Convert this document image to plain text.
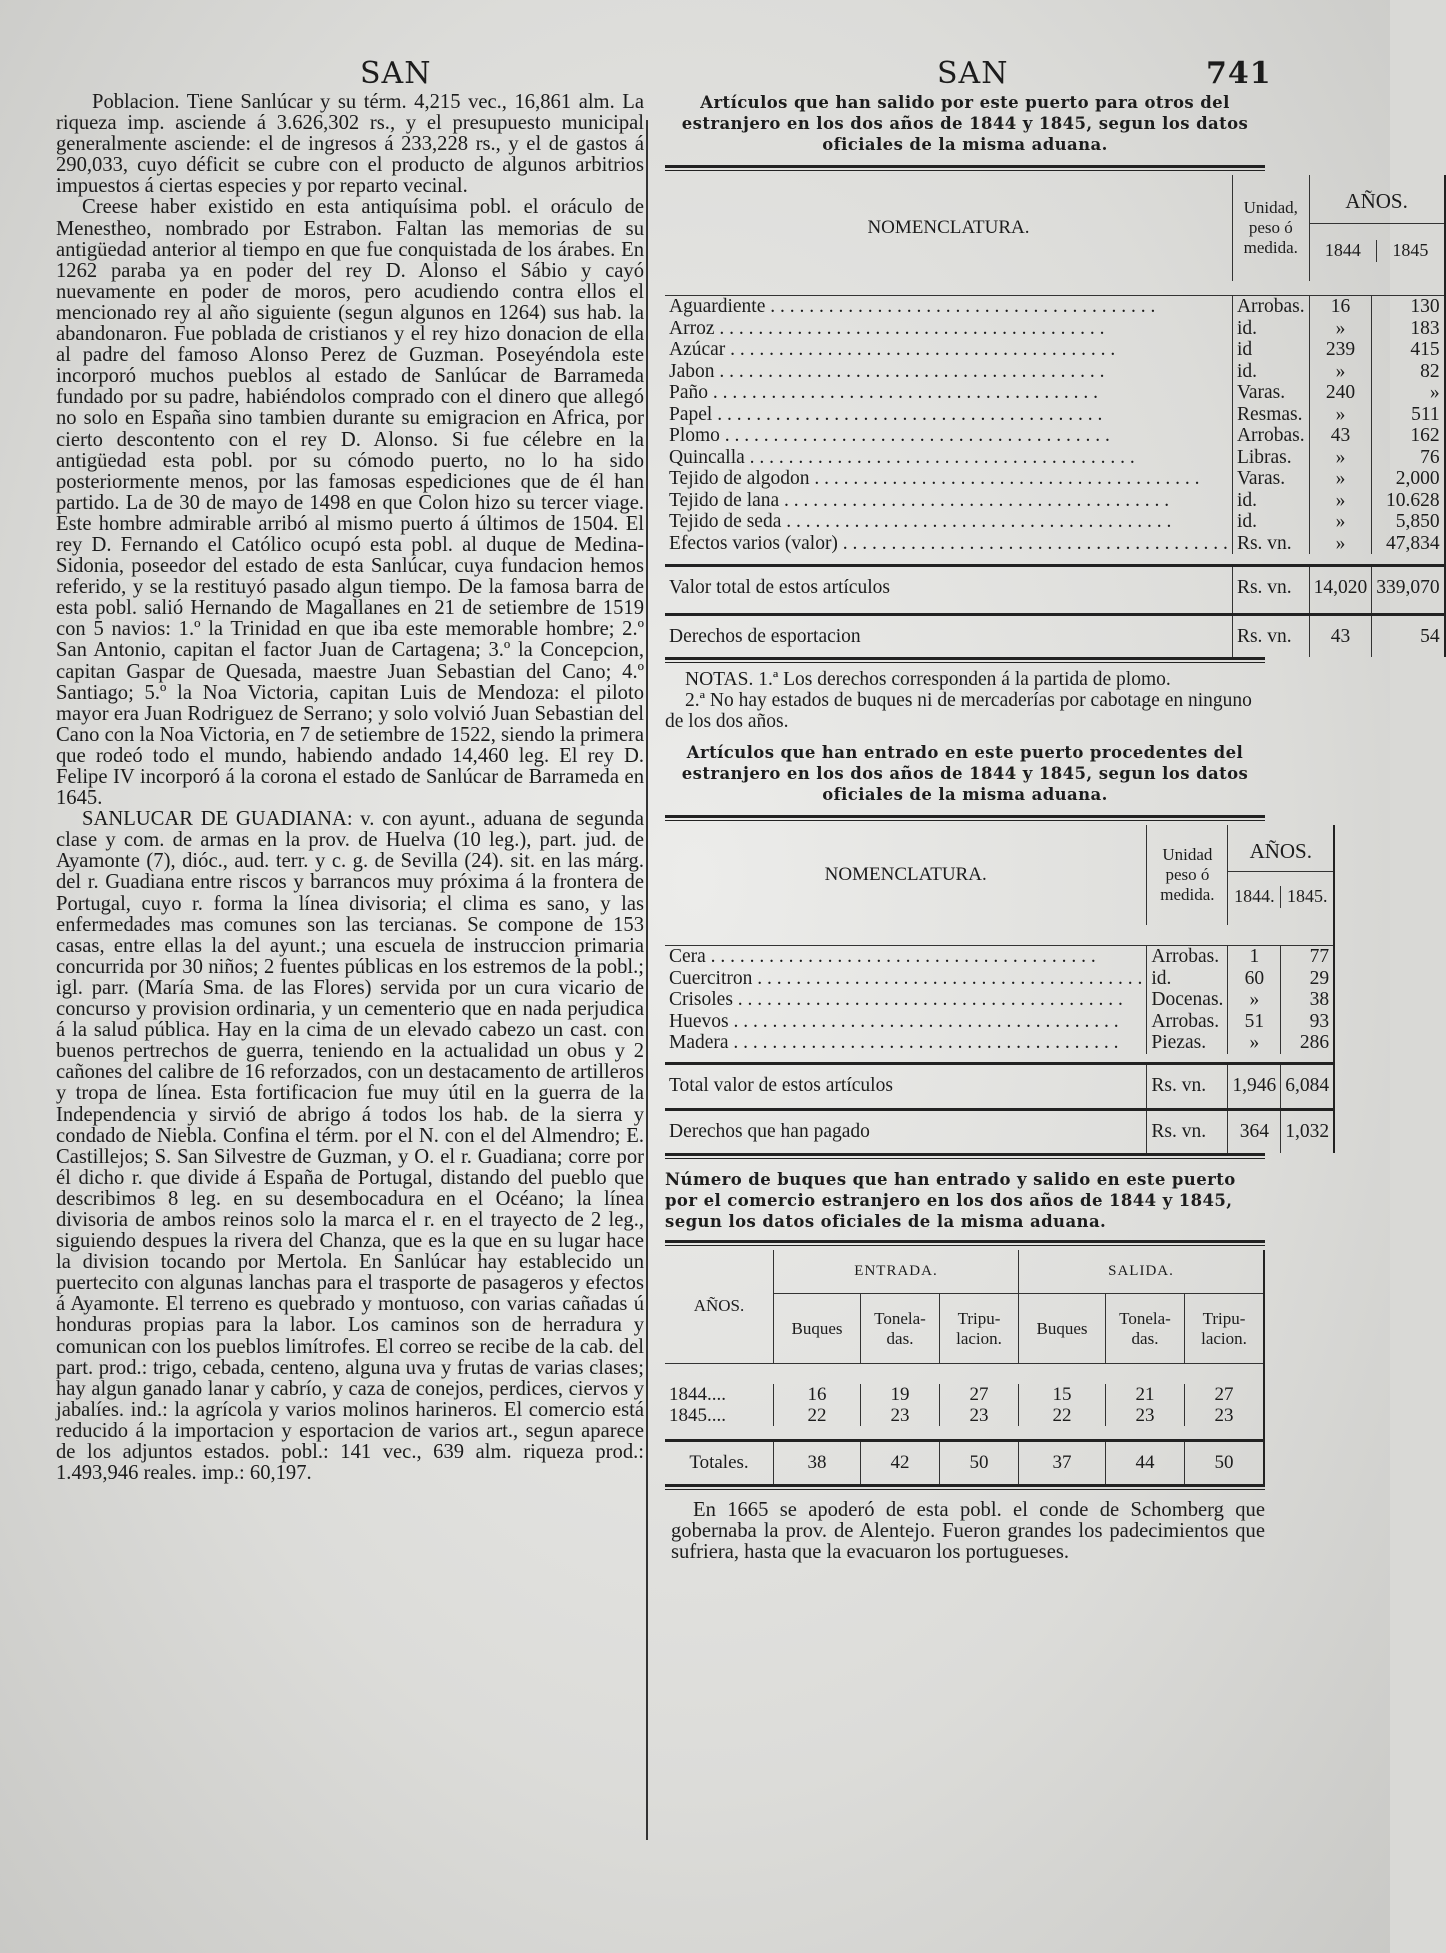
SAN	SAN	741

Poblacion. Tiene Sanlúcar y su térm. 4,215 vec., 16,861 alm. La riqueza imp. asciende á 3.626,302 rs., y el presupuesto municipal generalmente asciende: el de ingresos á 233,228 rs., y el de gastos á 290,033, cuyo déficit se cubre con el producto de algunos arbitrios impuestos á ciertas especies y por reparto vecinal.

Creese haber existido en esta antiquísima pobl. el oráculo de Menestheo, nombrado por Estrabon. Faltan las memorias de su antigüedad anterior al tiempo en que fue conquistada de los árabes. En 1262 paraba ya en poder del rey D. Alonso el Sábio y cayó nuevamente en poder de moros, pero acudiendo contra ellos el mencionado rey al año siguiente (segun algunos en 1264) sus hab. la abandonaron. Fue poblada de cristianos y el rey hizo donacion de ella al padre del famoso Alonso Perez de Guzman. Poseyéndola este incorporó muchos pueblos al estado de Sanlúcar de Barrameda fundado por su padre, habiéndolos comprado con el dinero que allegó no solo en España sino tambien durante su emigracion en Africa, por cierto descontento con el rey D. Alonso. Si fue célebre en la antigüedad esta pobl. por su cómodo puerto, no lo ha sido posteriormente menos, por las famosas espediciones que de él han partido. La de 30 de mayo de 1498 en que Colon hizo su tercer viage. Este hombre admirable arribó al mismo puerto á últimos de 1504. El rey D. Fernando el Católico ocupó esta pobl. al duque de Medina-Sidonia, poseedor del estado de esta Sanlúcar, cuya fundacion hemos referido, y se la restituyó pasado algun tiempo. De la famosa barra de esta pobl. salió Hernando de Magallanes en 21 de setiembre de 1519 con 5 navios: 1.º la Trinidad en que iba este memorable hombre; 2.º San Antonio, capitan el factor Juan de Cartagena; 3.º la Concepcion, capitan Gaspar de Quesada, maestre Juan Sebastian del Cano; 4.º Santiago; 5.º la Noa Victoria, capitan Luis de Mendoza: el piloto mayor era Juan Rodriguez de Serrano; y solo volvió Juan Sebastian del Cano con la Noa Victoria, en 7 de setiembre de 1522, siendo la primera que rodeó todo el mundo, habiendo andado 14,460 leg. El rey D. Felipe IV incorporó á la corona el estado de Sanlúcar de Barrameda en 1645.

SANLUCAR DE GUADIANA: v. con ayunt., aduana de segunda clase y com. de armas en la prov. de Huelva (10 leg.), part. jud. de Ayamonte (7), dióc., aud. terr. y c. g. de Sevilla (24). sit. en las márg. del r. Guadiana entre riscos y barrancos muy próxima á la frontera de Portugal, cuyo r. forma la línea divisoria; el clima es sano, y las enfermedades mas comunes son las tercianas. Se compone de 153 casas, entre ellas la del ayunt.; una escuela de instruccion primaria concurrida por 30 niños; 2 fuentes públicas en los estremos de la pobl.; igl. parr. (María Sma. de las Flores) servida por un cura vicario de concurso y provision ordinaria, y un cementerio que en nada perjudica á la salud pública. Hay en la cima de un elevado cabezo un cast. con buenos pertrechos de guerra, teniendo en la actualidad un obus y 2 cañones del calibre de 16 reforzados, con un destacamento de artilleros y tropa de línea. Esta fortificacion fue muy útil en la guerra de la Independencia y sirvió de abrigo á todos los hab. de la sierra y condado de Niebla. Confina el térm. por el N. con el del Almendro; E. Castillejos; S. San Silvestre de Guzman, y O. el r. Guadiana; corre por él dicho r. que divide á España de Portugal, distando del pueblo que describimos 8 leg. en su desembocadura en el Océano; la línea divisoria de ambos reinos solo la marca el r. en el trayecto de 2 leg., siguiendo despues la rivera del Chanza, que es la que en su lugar hace la division tocando por Mertola. En Sanlúcar hay establecido un puertecito con algunas lanchas para el trasporte de pasageros y efectos á Ayamonte. El terreno es quebrado y montuoso, con varias cañadas ú honduras propias para la labor. Los caminos son de herradura y comunican con los pueblos limítrofes. El correo se recibe de la cab. del part. prod.: trigo, cebada, centeno, alguna uva y frutas de varias clases; hay algun ganado lanar y cabrío, y caza de conejos, perdices, ciervos y jabalíes. ind.: la agrícola y varios molinos harineros. El comercio está reducido á la importacion y esportacion de varios art., segun aparece de los adjuntos estados. pobl.: 141 vec., 639 alm. riqueza prod.: 1.493,946 reales. imp.: 60,197.

Artículos que han salido por este puerto para otros del estranjero en los dos años de 1844 y 1845, segun los datos oficiales de la misma aduana.
NOMENCLATURA.	Unidad, peso ó medida.	AÑOS.
1844 1845	

Aguardiente . . . . . . . . . . . . . . . . . . . . . . . . . . . . . . . . . . . . . . . .	Arrobas.	16	130
Arroz . . . . . . . . . . . . . . . . . . . . . . . . . . . . . . . . . . . . . . . .	id.	»	183
Azúcar . . . . . . . . . . . . . . . . . . . . . . . . . . . . . . . . . . . . . . . .	id	239	415
Jabon . . . . . . . . . . . . . . . . . . . . . . . . . . . . . . . . . . . . . . . .	id.	»	82
Paño . . . . . . . . . . . . . . . . . . . . . . . . . . . . . . . . . . . . . . . .	Varas.	240	»
Papel . . . . . . . . . . . . . . . . . . . . . . . . . . . . . . . . . . . . . . . .	Resmas.	»	511
Plomo . . . . . . . . . . . . . . . . . . . . . . . . . . . . . . . . . . . . . . . .	Arrobas.	43	162
Quincalla . . . . . . . . . . . . . . . . . . . . . . . . . . . . . . . . . . . . . . . .	Libras.	»	76
Tejido de algodon . . . . . . . . . . . . . . . . . . . . . . . . . . . . . . . . . . . . . . . .	Varas.	»	2,000
Tejido de lana . . . . . . . . . . . . . . . . . . . . . . . . . . . . . . . . . . . . . . . .	id.	»	10.628
Tejido de seda . . . . . . . . . . . . . . . . . . . . . . . . . . . . . . . . . . . . . . . .	id.	»	5,850
Efectos varios (valor) . . . . . . . . . . . . . . . . . . . . . . . . . . . . . . . . . . . . . . . .	Rs. vn.	»	47,834

Valor total de estos artículos	Rs. vn.	14,020	339,070
Derechos de esportacion	Rs. vn.	43	54
NOTAS. 1.ª Los derechos corresponden á la partida de plomo.
2.ª No hay estados de buques ni de mercaderías por cabotage en ninguno de los dos años.
Artículos que han entrado en este puerto procedentes del estranjero en los dos años de 1844 y 1845, segun los datos oficiales de la misma aduana.
NOMENCLATURA.	Unidad peso ó medida.	AÑOS.
1844. 1845.	

Cera . . . . . . . . . . . . . . . . . . . . . . . . . . . . . . . . . . . . . . . .	Arrobas.	1	77
Cuercitron . . . . . . . . . . . . . . . . . . . . . . . . . . . . . . . . . . . . . . . .	id.	60	29
Crisoles . . . . . . . . . . . . . . . . . . . . . . . . . . . . . . . . . . . . . . . .	Docenas.	»	38
Huevos . . . . . . . . . . . . . . . . . . . . . . . . . . . . . . . . . . . . . . . .	Arrobas.	51	93
Madera . . . . . . . . . . . . . . . . . . . . . . . . . . . . . . . . . . . . . . . .	Piezas.	»	286

Total valor de estos artículos	Rs. vn.	1,946	6,084
Derechos que han pagado	Rs. vn.	364	1,032
Número de buques que han entrado y salido en este puerto por el comercio estranjero en los dos años de 1844 y 1845, segun los datos oficiales de la misma aduana.
AÑOS.	ENTRADA.			SALIDA.		
	Buques	Tonela-das.	Tripu-lacion.	Buques	Tonela-das.	Tripu-lacion.

1844....	16	19	27	15	21	27
1845....	22	23	23	22	23	23

Totales.	38	42	50	37	44	50
En 1665 se apoderó de esta pobl. el conde de Schomberg que gobernaba la prov. de Alentejo. Fueron grandes los padecimientos que sufriera, hasta que la evacuaron los portugueses.
